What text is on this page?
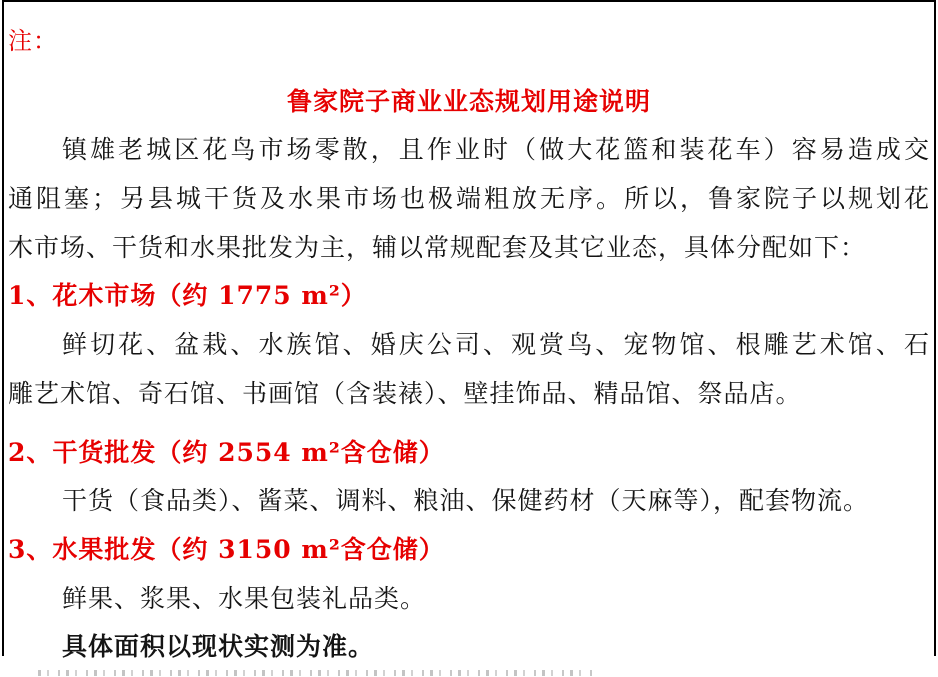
注：
鲁家院子商业业态规划用途说明
镇雄老城区花鸟市场零散，且作业时（做大花篮和装花车）容易造成交
通阻塞；另县城干货及水果市场也极端粗放无序。所以，鲁家院子以规划花
木市场、干货和水果批发为主，辅以常规配套及其它业态，具体分配如下：
1、花木市场（约 1775 m²）
鲜切花、盆栽、水族馆、婚庆公司、观赏鸟、宠物馆、根雕艺术馆、石
雕艺术馆、奇石馆、书画馆（含装裱）、壁挂饰品、精品馆、祭品店。
2、干货批发（约 2554 m²含仓储）
干货（食品类）、酱菜、调料、粮油、保健药材（天麻等），配套物流。
3、水果批发（约 3150 m²含仓储）
鲜果、浆果、水果包装礼品类。
具体面积以现状实测为准。
